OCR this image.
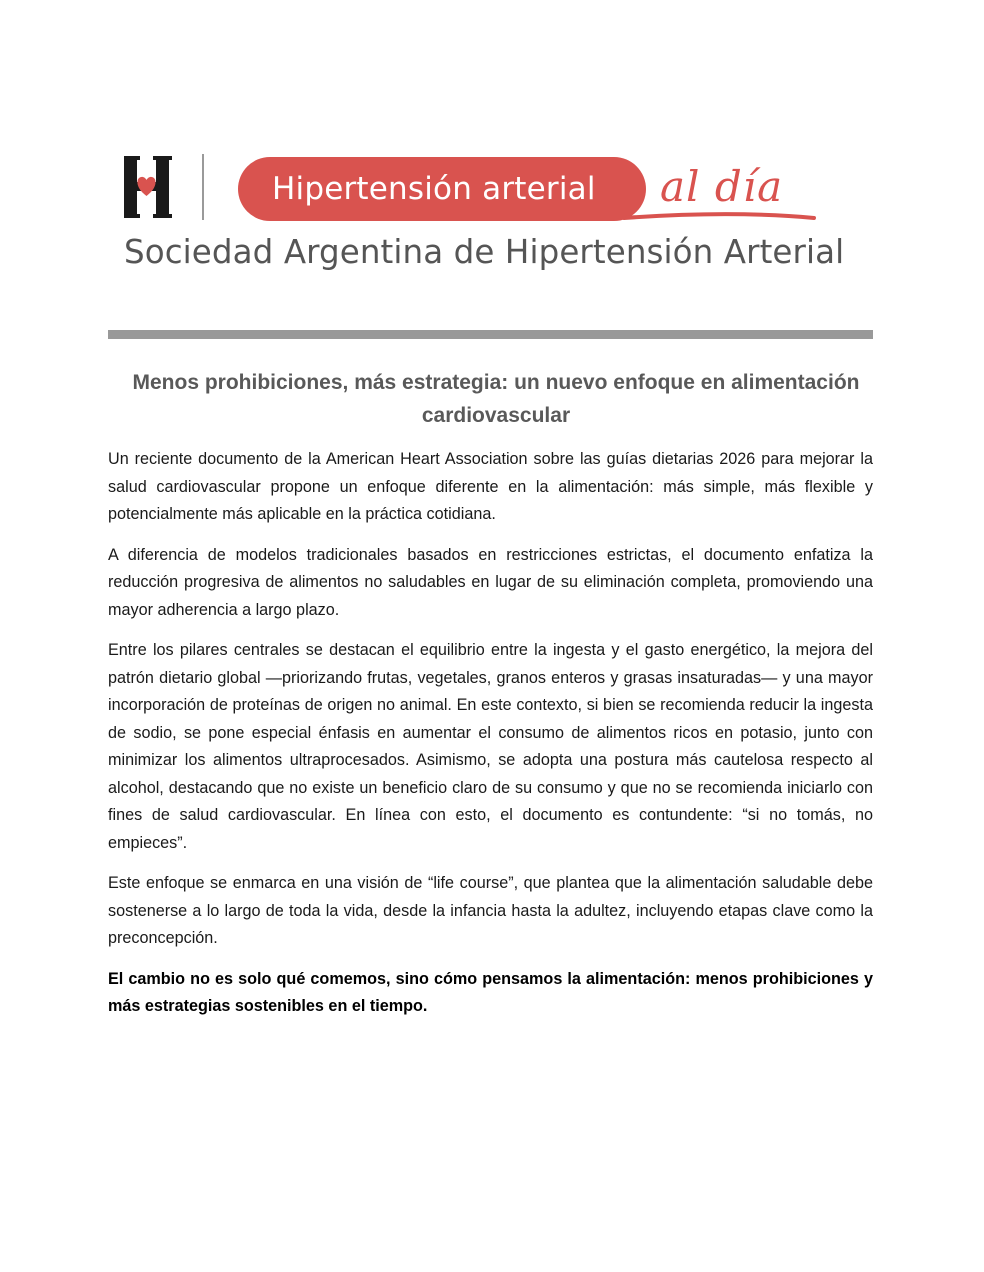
Hipertensión arterial al día
Sociedad Argentina de Hipertensión Arterial
Menos prohibiciones, más estrategia: un nuevo enfoque en alimentación cardiovascular

Un reciente documento de la American Heart Association sobre las guías dietarias 2026 para mejorar la salud cardiovascular propone un enfoque diferente en la alimentación: más simple, más flexible y potencialmente más aplicable en la práctica cotidiana.

A diferencia de modelos tradicionales basados en restricciones estrictas, el documento enfatiza la reducción progresiva de alimentos no saludables en lugar de su eliminación completa, promoviendo una mayor adherencia a largo plazo.

Entre los pilares centrales se destacan el equilibrio entre la ingesta y el gasto energético, la mejora del patrón dietario global —priorizando frutas, vegetales, granos enteros y grasas insaturadas— y una mayor incorporación de proteínas de origen no animal. En este contexto, si bien se recomienda reducir la ingesta de sodio, se pone especial énfasis en aumentar el consumo de alimentos ricos en potasio, junto con minimizar los alimentos ultraprocesados. Asimismo, se adopta una postura más cautelosa respecto al alcohol, destacando que no existe un beneficio claro de su consumo y que no se recomienda iniciarlo con fines de salud cardiovascular. En línea con esto, el documento es contundente: “si no tomás, no empieces”.

Este enfoque se enmarca en una visión de “life course”, que plantea que la alimentación saludable debe sostenerse a lo largo de toda la vida, desde la infancia hasta la adultez, incluyendo etapas clave como la preconcepción.

El cambio no es solo qué comemos, sino cómo pensamos la alimentación: menos prohibiciones y más estrategias sostenibles en el tiempo.
